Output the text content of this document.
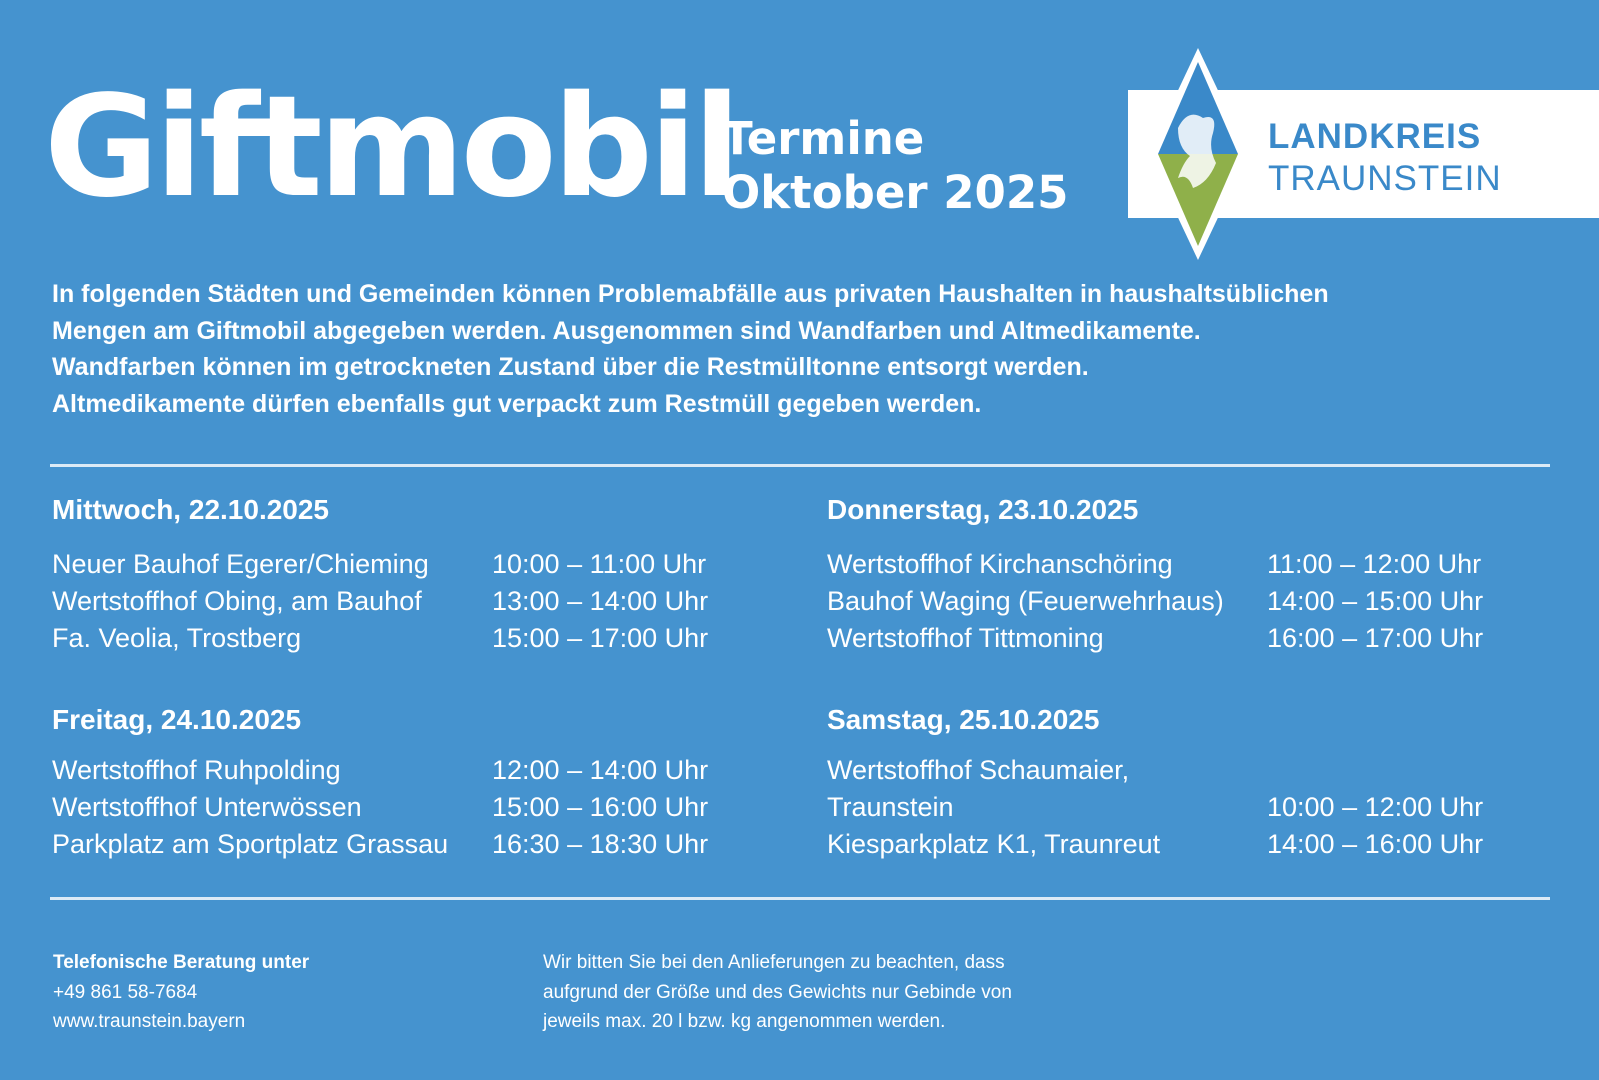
Giftmobil
Termine
Oktober 2025
LANDKREIS
TRAUNSTEIN
In folgenden Städten und Gemeinden können Problemabfälle aus privaten Haushalten in haushaltsüblichen
Mengen am Giftmobil abgegeben werden. Ausgenommen sind Wandfarben und Altmedikamente.
Wandfarben können im getrockneten Zustand über die Restmülltonne entsorgt werden.
Altmedikamente dürfen ebenfalls gut verpackt zum Restmüll gegeben werden.
Mittwoch, 22.10.2025
Neuer Bauhof Egerer/Chieming 10:00 – 11:00 Uhr
Wertstoffhof Obing, am Bauhof	13:00 – 14:00 Uhr
Fa. Veolia, Trostberg	15:00 – 17:00 Uhr
Donnerstag, 23.10.2025
Wertstoffhof Kirchanschöring	11:00 – 12:00 Uhr
Bauhof Waging (Feuerwehrhaus) 14:00 – 15:00 Uhr
Wertstoffhof Tittmoning	16:00 – 17:00 Uhr
Freitag, 24.10.2025
Wertstoffhof Ruhpolding	12:00 – 14:00 Uhr
Wertstoffhof Unterwössen	15:00 – 16:00 Uhr
Parkplatz am Sportplatz Grassau 16:30 – 18:30 Uhr
Samstag, 25.10.2025
Wertstoffhof Schaumaier,
Traunstein	10:00 – 12:00 Uhr
Kiesparkplatz K1, Traunreut	14:00 – 16:00 Uhr
Telefonische Beratung unter
+49 861 58-7684
www.traunstein.bayern
Wir bitten Sie bei den Anlieferungen zu beachten, dass
aufgrund der Größe und des Gewichts nur Gebinde von
jeweils max. 20 l bzw. kg angenommen werden.
